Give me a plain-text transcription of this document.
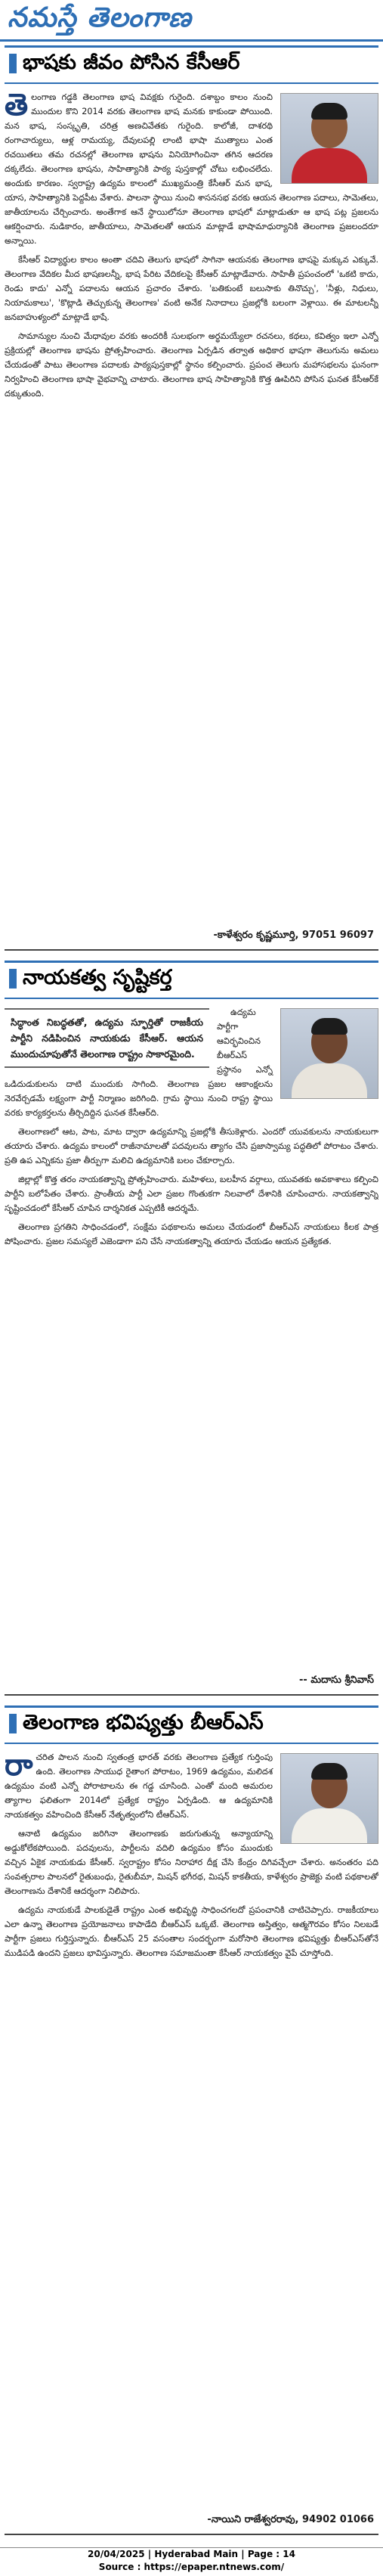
నమస్తే తెలంగాణ
భాషకు జీవం పోసిన కేసీఆర్

తెలంగాణ గడ్డకి తెలంగాణ భాష వివక్షకు గురైంది. దశాబ్దం కాలం నుంచి ముందుల కొని 2014 వరకు తెలంగాణ భాష మనకు కాకుండా పోయింది. మన భాష, సంస్కృతి, చరిత్ర అణచివేతకు గురైంది. కాలోజీ, దాశరథి రంగాచార్యులు, ఆళ్ల రామయ్య, దేవులపల్లి లాంటి భాషా ముత్యాలు ఎంత రచయితలు తమ రచనల్లో తెలంగాణ భాషను వినియోగించినా తగిన ఆదరణ దక్కలేదు. తెలంగాణ భాషను, సాహిత్యానికి పాఠ్య పుస్తకాల్లో చోటు లభించలేదు. అందుకు కారణం. స్వరాష్ట్ర ఉద్యమ కాలంలో ముఖ్యమంత్రి కేసీఆర్ మన భాష, యాస, సాహిత్యానికి పెద్దపీట వేశారు. పాలనా స్థాయి నుంచి శాసనసభ వరకు ఆయన తెలంగాణ పదాలు, సామెతలు, జాతీయాలను చేర్చించారు. అంతేగాక ఆనే స్థాయిలోనూ తెలంగాణ భాషలో మాట్లాడుతూ ఆ భాష పట్ల ప్రజలను ఆకర్షించారు. నుడికారం, జాతీయాలు, సామెతలతో ఆయన మాట్లాడే భాషామాధుర్యానికి తెలంగాణ ప్రజలందరూ అన్నాయి.

కేసీఆర్ విద్యార్థుల కాలం అంతా చదివి తెలుగు భాషలో సాగినా ఆయనకు తెలంగాణ భాషపై మక్కువ ఎక్కువే. తెలంగాణ వేదికల మీద భాషణలన్నీ, భాష పేరిట వేదికలపై కేసీఆర్ మాట్లాడేవారు. సాహితీ ప్రపంచంలో 'ఒకటి కాదు, రెండు కాదు' ఎన్నో పదాలను ఆయన ప్రచారం చేశారు. 'బతికుంటే బలుసాకు తినొచ్చు', 'నీళ్లు, నిధులు, నియామకాలు', 'కొట్లాడి తెచ్చుకున్న తెలంగాణ' వంటి అనేక నినాదాలు ప్రజల్లోకి బలంగా వెళ్లాయి. ఈ మాటలన్నీ జనబాహుళ్యంలో మాట్లాడే భాషే.

సామాన్యుల నుంచి మేధావుల వరకు అందరికీ సులభంగా అర్థమయ్యేలా రచనలు, కథలు, కవిత్వం ఇలా ఎన్నో ప్రక్రియల్లో తెలంగాణ భాషను ప్రోత్సహించారు. తెలంగాణ ఏర్పడిన తర్వాత అధికార భాషగా తెలుగును అమలు చేయడంతో పాటు తెలంగాణ పదాలకు పాఠ్యపుస్తకాల్లో స్థానం కల్పించారు. ప్రపంచ తెలుగు మహాసభలను ఘనంగా నిర్వహించి తెలంగాణ భాషా వైభవాన్ని చాటారు. తెలంగాణ భాష సాహిత్యానికి కొత్త ఊపిరిని పోసిన ఘనత కేసీఆర్‌కే దక్కుతుంది.

-కాళేశ్వరం కృష్ణమూర్తి, 97051 96097
నాయకత్వ సృష్టికర్త
సిద్ధాంత నిబద్ధతతో, ఉద్యమ స్ఫూర్తితో రాజకీయ పార్టీని నడిపించిన నాయకుడు కేసీఆర్. ఆయన ముందుచూపుతోనే తెలంగాణ రాష్ట్రం సాకారమైంది.

ఉద్యమ పార్టీగా ఆవిర్భవించిన బీఆర్ఎస్ ప్రస్థానం ఎన్నో ఒడిదుడుకులను దాటి ముందుకు సాగింది. తెలంగాణ ప్రజల ఆకాంక్షలను నెరవేర్చడమే లక్ష్యంగా పార్టీ నిర్మాణం జరిగింది. గ్రామ స్థాయి నుంచి రాష్ట్ర స్థాయి వరకు కార్యకర్తలను తీర్చిదిద్దిన ఘనత కేసీఆర్‌ది.

తెలంగాణలో ఆట, పాట, మాట ద్వారా ఉద్యమాన్ని ప్రజల్లోకి తీసుకెళ్లారు. ఎందరో యువకులను నాయకులుగా తయారు చేశారు. ఉద్యమ కాలంలో రాజీనామాలతో పదవులను త్యాగం చేసి ప్రజాస్వామ్య పద్ధతిలో పోరాటం చేశారు. ప్రతి ఉప ఎన్నికను ప్రజా తీర్పుగా మలిచి ఉద్యమానికి బలం చేకూర్చారు.

జిల్లాల్లో కొత్త తరం నాయకత్వాన్ని ప్రోత్సహించారు. మహిళలు, బలహీన వర్గాలు, యువతకు అవకాశాలు కల్పించి పార్టీని బలోపేతం చేశారు. ప్రాంతీయ పార్టీ ఎలా ప్రజల గొంతుకగా నిలవాలో దేశానికి చూపించారు. నాయకత్వాన్ని సృష్టించడంలో కేసీఆర్ చూపిన దార్శనికత ఎప్పటికీ ఆదర్శమే.

తెలంగాణ ప్రగతిని సాధించడంలో, సంక్షేమ పథకాలను అమలు చేయడంలో బీఆర్ఎస్ నాయకులు కీలక పాత్ర పోషించారు. ప్రజల సమస్యలే ఎజెండాగా పని చేసే నాయకత్వాన్ని తయారు చేయడం ఆయన ప్రత్యేకత.

-- మదాసు శ్రీనివాస్
తెలంగాణ భవిష్యత్తు బీఆర్ఎస్

రాచరిత పాలన నుంచి స్వతంత్ర భారత్ వరకు తెలంగాణ ప్రత్యేక గుర్తింపు ఉంది. తెలంగాణ సాయుధ రైతాంగ పోరాటం, 1969 ఉద్యమం, మలిదశ ఉద్యమం వంటి ఎన్నో పోరాటాలను ఈ గడ్డ చూసింది. ఎంతో మంది అమరుల త్యాగాల ఫలితంగా 2014లో ప్రత్యేక రాష్ట్రం ఏర్పడింది. ఆ ఉద్యమానికి నాయకత్వం వహించింది కేసీఆర్ నేతృత్వంలోని టీఆర్ఎస్.

ఆనాటి ఉద్యమం జరిగినా తెలంగాణకు జరుగుతున్న అన్యాయాన్ని అడ్డుకోలేకపోయింది. పదవులను, పార్టీలను వదిలి ఉద్యమం కోసం ముందుకు వచ్చిన ఏకైక నాయకుడు కేసీఆర్. స్వరాష్ట్రం కోసం నిరాహార దీక్ష చేసి కేంద్రం దిగివచ్చేలా చేశారు. అనంతరం పది సంవత్సరాల పాలనలో రైతుబంధు, రైతుబీమా, మిషన్ భగీరథ, మిషన్ కాకతీయ, కాళేశ్వరం ప్రాజెక్టు వంటి పథకాలతో తెలంగాణను దేశానికే ఆదర్శంగా నిలిపారు.

ఉద్యమ నాయకుడే పాలకుడైతే రాష్ట్రం ఎంత అభివృద్ధి సాధించగలదో ప్రపంచానికి చాటిచెప్పారు. రాజకీయాలు ఎలా ఉన్నా తెలంగాణ ప్రయోజనాలు కాపాడేది బీఆర్ఎస్ ఒక్కటే. తెలంగాణ అస్తిత్వం, ఆత్మగౌరవం కోసం నిలబడే పార్టీగా ప్రజలు గుర్తిస్తున్నారు. బీఆర్ఎస్ 25 వసంతాల సందర్భంగా మరోసారి తెలంగాణ భవిష్యత్తు బీఆర్ఎస్‌తోనే ముడిపడి ఉందని ప్రజలు భావిస్తున్నారు. తెలంగాణ సమాజమంతా కేసీఆర్ నాయకత్వం వైపే చూస్తోంది.

-నాయిని రాజేశ్వరరావు, 94902 01066
20/04/2025 | Hyderabad Main | Page : 14
Source : https://epaper.ntnews.com/
